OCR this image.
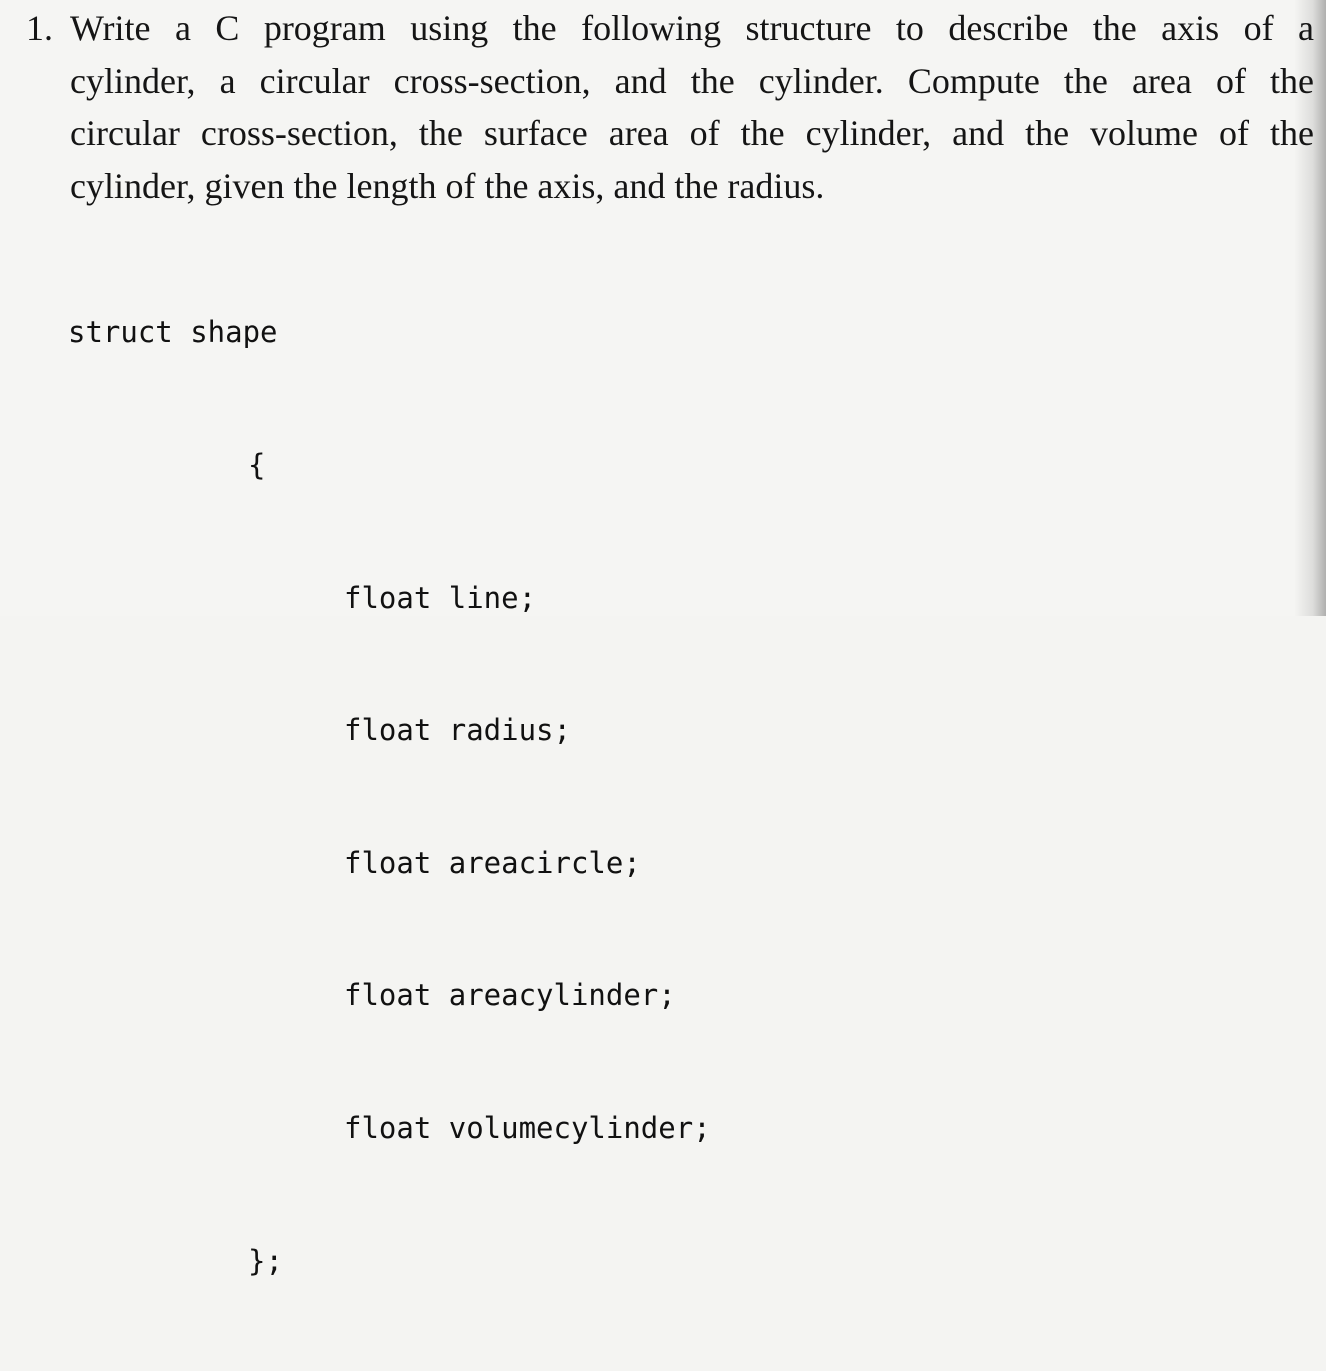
1. Write a C program using the following structure to describe the axis of a
cylinder, a circular cross-section, and the cylinder. Compute the area of the
circular cross-section, the surface area of the cylinder, and the volume of the
cylinder, given the length of the axis, and the radius.

struct shape

{

float line;

float radius;

float areacircle;

float areacylinder;

float volumecylinder;

};
